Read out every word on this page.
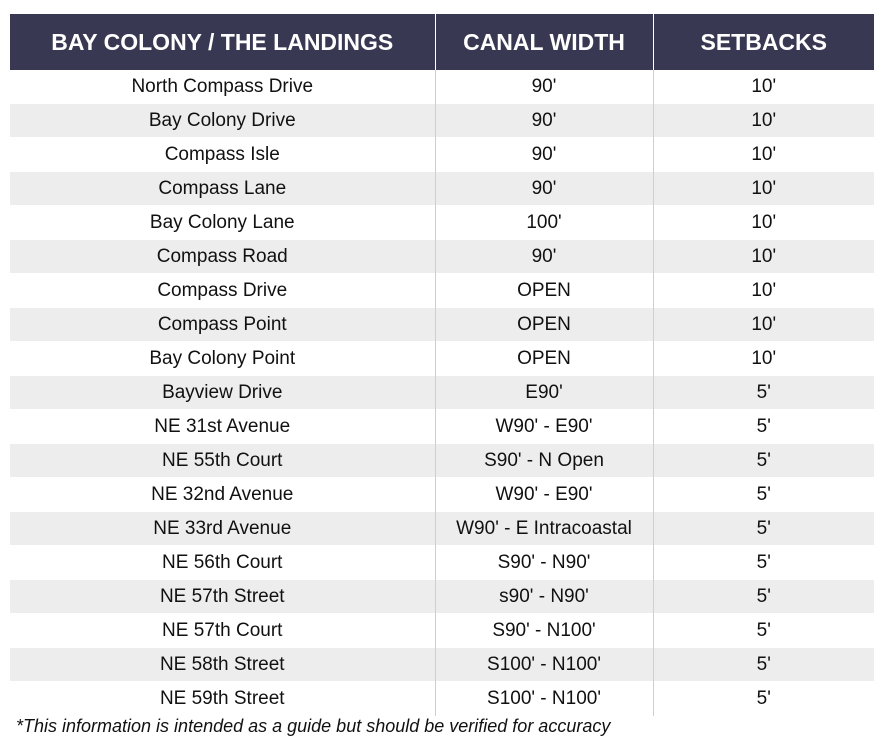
BAY COLONY / THE LANDINGS	CANAL WIDTH	SETBACKS
North Compass Drive	90'	10'
Bay Colony Drive	90'	10'
Compass Isle	90'	10'
Compass Lane	90'	10'
Bay Colony Lane	100'	10'
Compass Road	90'	10'
Compass Drive	OPEN	10'
Compass Point	OPEN	10'
Bay Colony Point	OPEN	10'
Bayview Drive	E90'	5'
NE 31st Avenue	W90' - E90'	5'
NE 55th Court	S90' - N Open	5'
NE 32nd Avenue	W90' - E90'	5'
NE 33rd Avenue	W90' - E Intracoastal	5'
NE 56th Court	S90' - N90'	5'
NE 57th Street	s90' - N90'	5'
NE 57th Court	S90' - N100'	5'
NE 58th Street	S100' - N100'	5'
NE 59th Street	S100' - N100'	5'
*This information is intended as a guide but should be verified for accuracy
